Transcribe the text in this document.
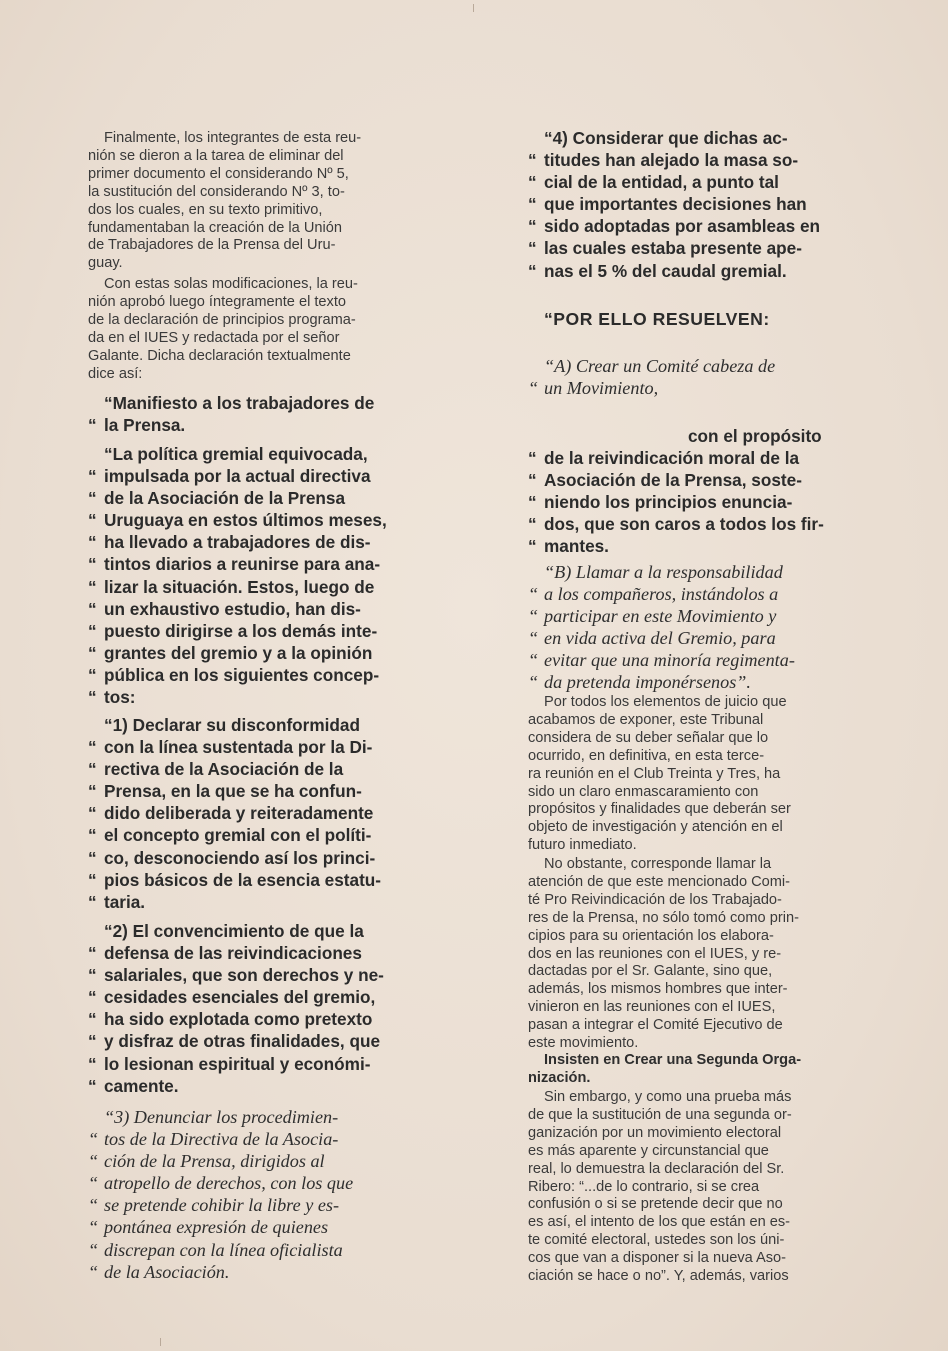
Finalmente, los integrantes de esta reu-
nión se dieron a la tarea de eliminar del
primer documento el considerando Nº 5,
la sustitución del considerando Nº 3, to-
dos los cuales, en su texto primitivo,
fundamentaban la creación de la Unión
de Trabajadores de la Prensa del Uru-
guay.

Con estas solas modificaciones, la reu-
nión aprobó luego íntegramente el texto
de la declaración de principios programa-
da en el IUES y redactada por el señor
Galante. Dicha declaración textualmente
dice así:

“Manifiesto a los trabajadores de
“ la Prensa.

“La política gremial equivocada,
“ impulsada por la actual directiva
“ de la Asociación de la Prensa
“ Uruguaya en estos últimos meses,
“ ha llevado a trabajadores de dis-
“ tintos diarios a reunirse para ana-
“ lizar la situación. Estos, luego de
“ un exhaustivo estudio, han dis-
“ puesto dirigirse a los demás inte-
“ grantes del gremio y a la opinión
“ pública en los siguientes concep-
“ tos:

“1) Declarar su disconformidad
“ con la línea sustentada por la Di-
“ rectiva de la Asociación de la
“ Prensa, en la que se ha confun-
“ dido deliberada y reiteradamente
“ el concepto gremial con el políti-
“ co, desconociendo así los princi-
“ pios básicos de la esencia estatu-
“ taria.

“2) El convencimiento de que la
“ defensa de las reivindicaciones
“ salariales, que son derechos y ne-
“ cesidades esenciales del gremio,
“ ha sido explotada como pretexto
“ y disfraz de otras finalidades, que
“ lo lesionan espiritual y económi-
“ camente.

“3) Denunciar los procedimien-
“ tos de la Directiva de la Asocia-
“ ción de la Prensa, dirigidos al
“ atropello de derechos, con los que
“ se pretende cohibir la libre y es-
“ pontánea expresión de quienes
“ discrepan con la línea oficialista
“ de la Asociación.

“4) Considerar que dichas ac-
“ titudes han alejado la masa so-
“ cial de la entidad, a punto tal
“ que importantes decisiones han
“ sido adoptadas por asambleas en
“ las cuales estaba presente ape-
“ nas el 5 % del caudal gremial.

“POR ELLO RESUELVEN:

“A) Crear un Comité cabeza de
“ un Movimiento,

con el propósito
“ de la reivindicación moral de la
“ Asociación de la Prensa, soste-
“ niendo los principios enuncia-
“ dos, que son caros a todos los fir-
“ mantes.

“B) Llamar a la responsabilidad
“ a los compañeros, instándolos a
“ participar en este Movimiento y
“ en vida activa del Gremio, para
“ evitar que una minoría regimenta-
“ da pretenda imponérsenos”.

Por todos los elementos de juicio que
acabamos de exponer, este Tribunal
considera de su deber señalar que lo
ocurrido, en definitiva, en esta terce-
ra reunión en el Club Treinta y Tres, ha
sido un claro enmascaramiento con
propósitos y finalidades que deberán ser
objeto de investigación y atención en el
futuro inmediato.

No obstante, corresponde llamar la
atención de que este mencionado Comi-
té Pro Reivindicación de los Trabajado-
res de la Prensa, no sólo tomó como prin-
cipios para su orientación los elabora-
dos en las reuniones con el IUES, y re-
dactadas por el Sr. Galante, sino que,
además, los mismos hombres que inter-
vinieron en las reuniones con el IUES,
pasan a integrar el Comité Ejecutivo de
este movimiento.

Insisten en Crear una Segunda Orga-
nización.

Sin embargo, y como una prueba más
de que la sustitución de una segunda or-
ganización por un movimiento electoral
es más aparente y circunstancial que
real, lo demuestra la declaración del Sr.
Ribero: “...de lo contrario, si se crea
confusión o si se pretende decir que no
es así, el intento de los que están en es-
te comité electoral, ustedes son los úni-
cos que van a disponer si la nueva Aso-
ciación se hace o no”. Y, además, varios
